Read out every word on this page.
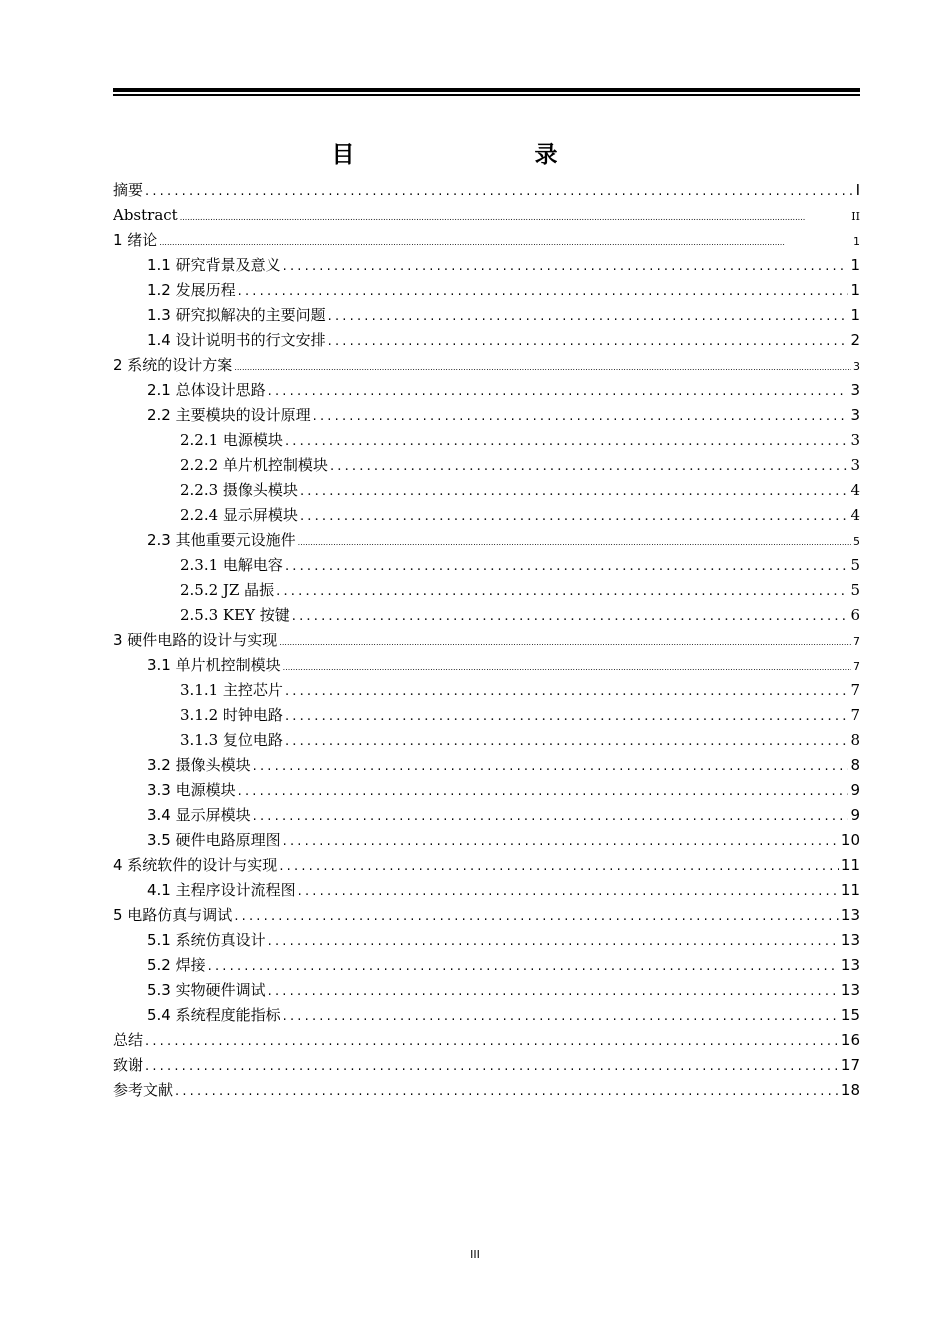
目 录
摘要 .....	I
Abstract .....	II
1 绪论 .....	1
1.1 研究背景及意义 .....	1
1.2 发展历程 .....	1
1.3 研究拟解决的主要问题 .....	1
1.4 设计说明书的行文安排 .....	2
2 系统的设计方案 .....	3
2.1 总体设计思路 .....	3
2.2 主要模块的设计原理 .....	3
2.2.1 电源模块 .....	3
2.2.2 单片机控制模块 .....	3
2.2.3 摄像头模块 .....	4
2.2.4 显示屏模块 .....	4
2.3 其他重要元设施件 .....	5
2.3.1 电解电容 .....	5
2.5.2 JZ 晶振 .....	5
2.5.3 KEY 按键 .....	6
3 硬件电路的设计与实现 .....	7
3.1 单片机控制模块 .....	7
3.1.1 主控芯片 .....	7
3.1.2 时钟电路 .....	7
3.1.3 复位电路 .....	8
3.2 摄像头模块 .....	8
3.3 电源模块 .....	9
3.4 显示屏模块 .....	9
3.5 硬件电路原理图 .....	10
4 系统软件的设计与实现 .....	11
4.1 主程序设计流程图 .....	11
5 电路仿真与调试 .....	13
5.1 系统仿真设计 .....	13
5.2 焊接 .....	13
5.3 实物硬件调试 .....	13
5.4 系统程度能指标 .....	15
总结 .....	16
致谢 .....	17
参考文献 .....	18
III
